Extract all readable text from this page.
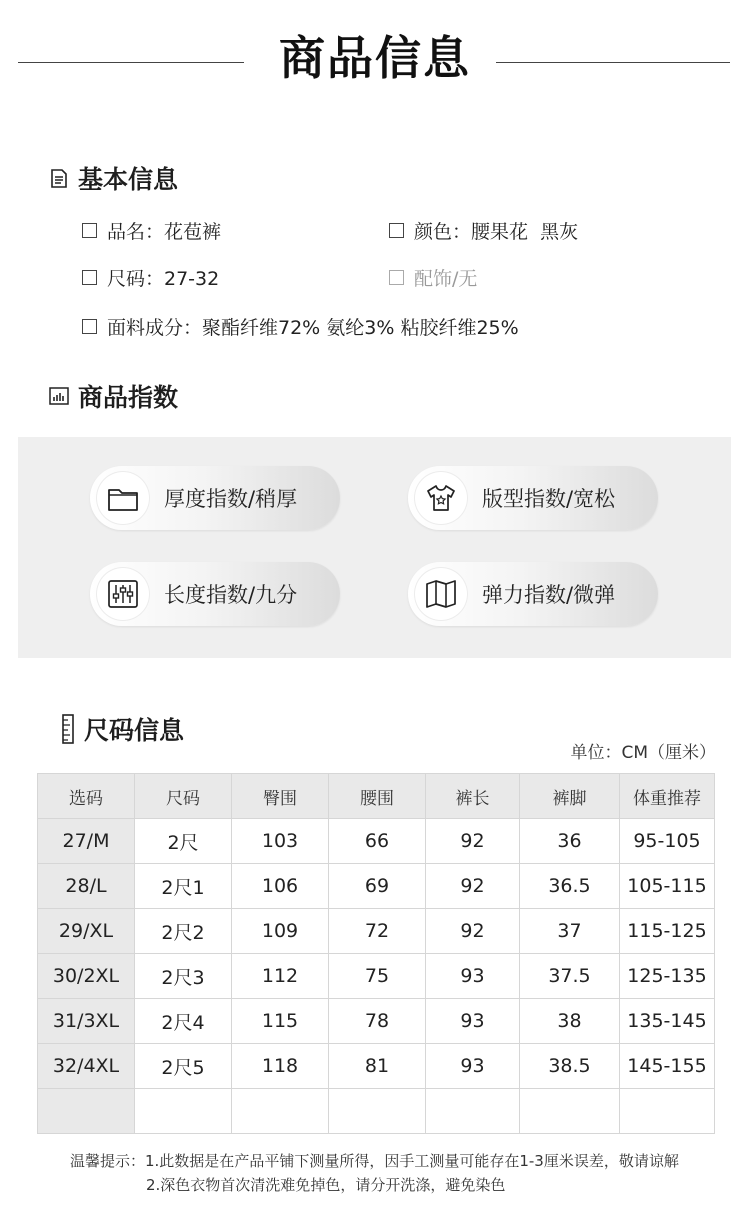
商品信息
基本信息
品名：花苞裤	颜色：腰果花  黑灰
尺码：27-32	配饰/无
面料成分：聚酯纤维72% 氨纶3% 粘胶纤维25%
商品指数
厚度指数/稍厚	版型指数/宽松
长度指数/九分	弹力指数/微弹
尺码信息
单位：CM（厘米）
选码	尺码	臀围	腰围	裤长	裤脚	体重推荐
27/M	2尺	103	66	92	36	95-105
28/L	2尺1	106	69	92	36.5	105-115
29/XL	2尺2	109	72	92	37	115-125
30/2XL	2尺3	112	75	93	37.5	125-135
31/3XL	2尺4	115	78	93	38	135-145
32/4XL	2尺5	118	81	93	38.5	145-155

温馨提示：1.此数据是在产品平铺下测量所得，因手工测量可能存在1-3厘米误差，敬请谅解
2.深色衣物首次清洗难免掉色，请分开洗涤，避免染色
